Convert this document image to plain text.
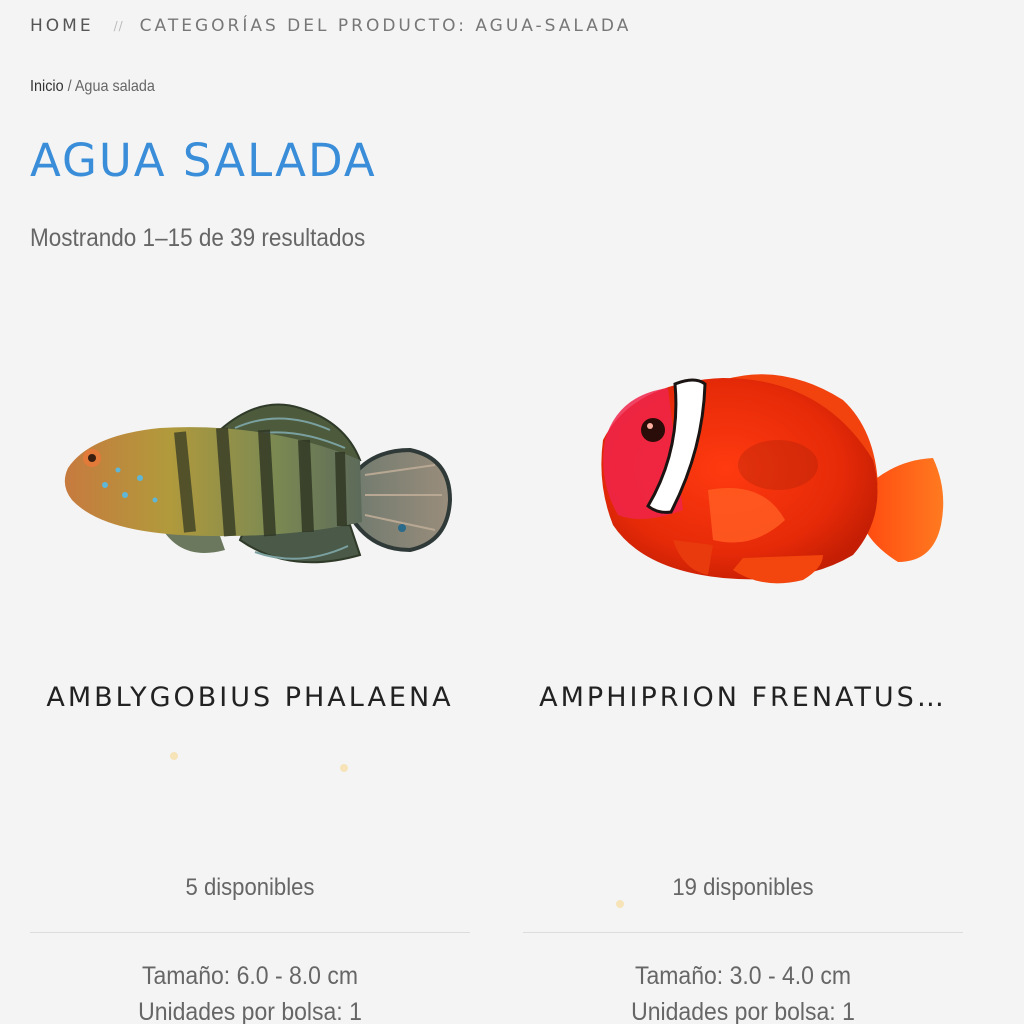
HOME // CATEGORÍAS DEL PRODUCTO: AGUA-SALADA
Inicio / Agua salada
AGUA SALADA
Mostrando 1–15 de 39 resultados
AMBLYGOBIUS PHALAENA
5 disponibles
Tamaño: 6.0 - 8.0 cm
Unidades por bolsa: 1
AMPHIPRION FRENATUS…
19 disponibles
Tamaño: 3.0 - 4.0 cm
Unidades por bolsa: 1
